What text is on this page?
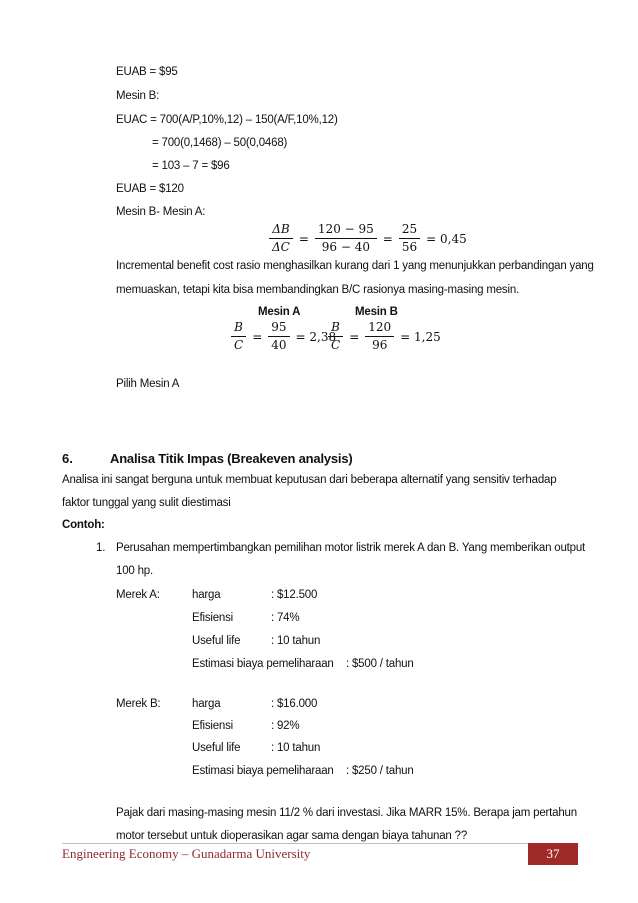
EUAB = $95
Mesin B:
EUAC = 700(A/P,10%,12) – 150(A/F,10%,12)
= 700(0,1468) – 50(0,0468)
= 103 – 7 = $96
EUAB = $120
Mesin B- Mesin A:
$\frac{\Delta B}{\Delta C} = \frac{120 - 95}{96 - 40} = \frac{25}{56} = 0,45$
Incremental benefit cost rasio menghasilkan kurang dari 1 yang menunjukkan perbandingan yang
memuaskan, tetapi kita bisa membandingkan B/C rasionya masing-masing mesin.
Mesin A	Mesin B
$\frac{B}{C} = \frac{95}{40} = 2,38$
$\frac{B}{C} = \frac{120}{96} = 1,25$
Pilih Mesin A
6.	Analisa Titik Impas (Breakeven analysis)
Analisa ini sangat berguna untuk membuat keputusan dari beberapa alternatif yang sensitiv terhadap
faktor tunggal yang sulit diestimasi
Contoh:
1. Perusahan mempertimbangkan pemilihan motor listrik merek A dan B. Yang memberikan output
100 hp.
Merek A:	harga	: $12.500
Efisiensi	: 74%
Useful life	: 10 tahun
Estimasi biaya pemeliharaan : $500 / tahun
Merek B:	harga	: $16.000
Efisiensi	: 92%
Useful life	: 10 tahun
Estimasi biaya pemeliharaan : $250 / tahun
Pajak dari masing-masing mesin 11/2 % dari investasi. Jika MARR 15%. Berapa jam pertahun
motor tersebut untuk dioperasikan agar sama dengan biaya tahunan ??
Engineering Economy – Gunadarma University	37
